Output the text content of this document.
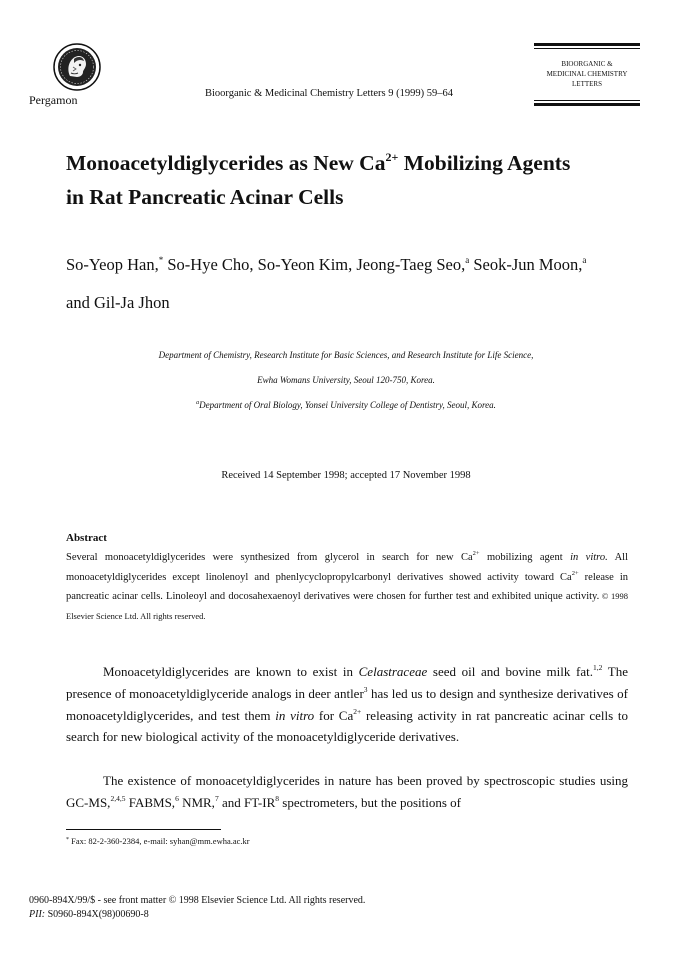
Pergamon	Bioorganic & Medicinal Chemistry Letters 9 (1999) 59–64
BIOORGANIC &
MEDICINAL CHEMISTRY
LETTERS
Monoacetyldiglycerides as New $Ca^{2+}$ Mobilizing Agents
in Rat Pancreatic Acinar Cells
So-Yeop Han,* So-Hye Cho, So-Yeon Kim, Jeong-Taeg Seo,$^a$ Seok-Jun Moon,$^a$
and Gil-Ja Jhon
Department of Chemistry, Research Institute for Basic Sciences, and Research Institute for Life Science,
Ewha Womans University, Seoul 120-750, Korea.
$^a$Department of Oral Biology, Yonsei University College of Dentistry, Seoul, Korea.
Received 14 September 1998; accepted 17 November 1998
Abstract
Several monoacetyldiglycerides were synthesized from glycerol in search for new $Ca^{2+}$ mobilizing agent in vitro. All monoacetyldiglycerides except linolenoyl and phenlycyclopropylcarbonyl derivatives showed activity toward $Ca^{2+}$ release in pancreatic acinar cells. Linoleoyl and docosahexaenoyl derivatives were chosen for further test and exhibited unique activity. © 1998 Elsevier Science Ltd. All rights reserved.
Monoacetyldiglycerides are known to exist in Celastraceae seed oil and bovine milk fat.$^{1,2}$ The presence of monoacetyldiglyceride analogs in deer antler$^3$ has led us to design and synthesize derivatives of monoacetyldiglycerides, and test them in vitro for $Ca^{2+}$ releasing activity in rat pancreatic acinar cells to search for new biological activity of the monoacetyldiglyceride derivatives.
The existence of monoacetyldiglycerides in nature has been proved by spectroscopic studies using GC-MS,$^{2,4,5}$ FABMS,$^6$ NMR,$^7$ and $FT-IR^8$ spectrometers, but the positions of
* Fax: 82-2-360-2384, e-mail: syhan@mm.ewha.ac.kr
0960-894X/99/$ - see front matter © 1998 Elsevier Science Ltd. All rights reserved.
PII: S0960-894X(98)00690-8
